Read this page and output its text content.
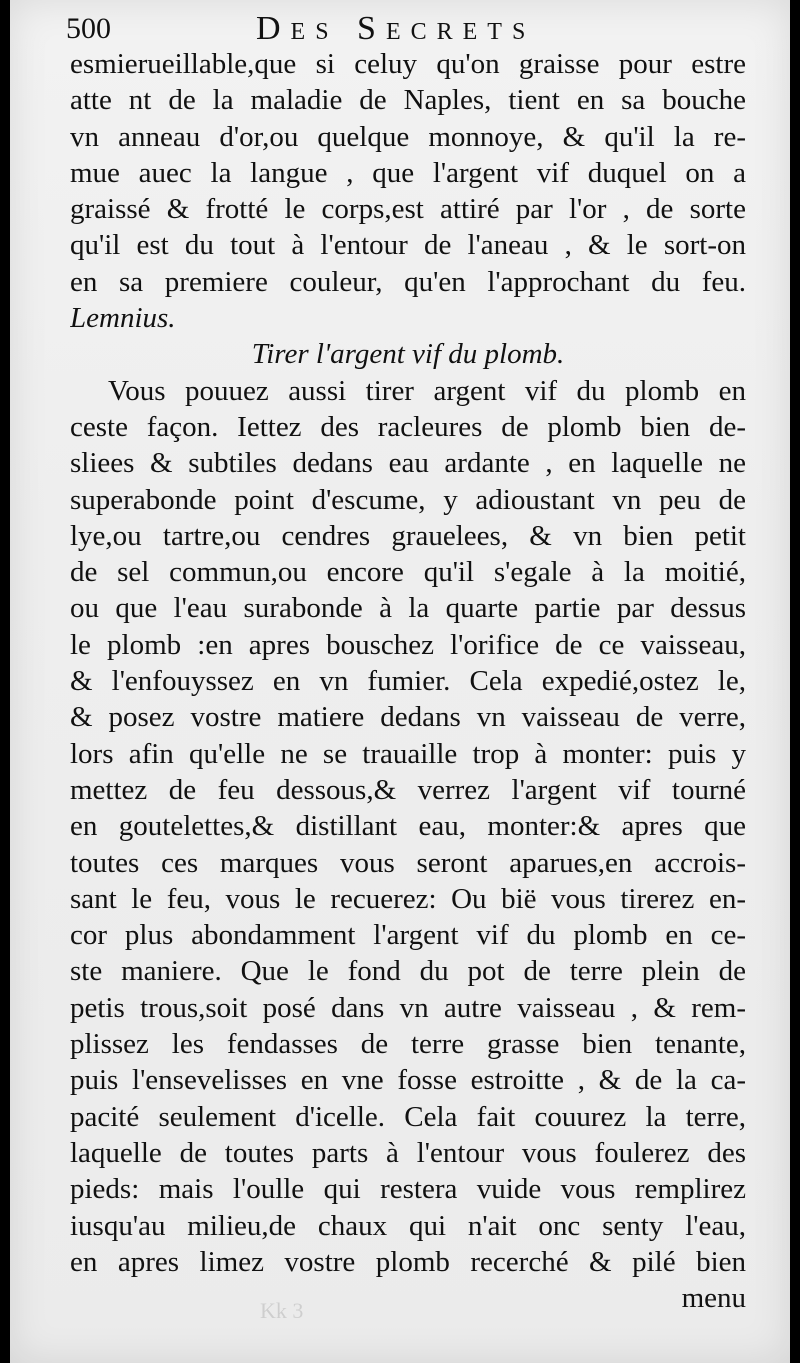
500	Des Secrets
esmierueillable,que si celuy qu'on graisse pour estre
atte nt de la maladie de Naples, tient en sa bouche
vn anneau d'or,ou quelque monnoye, & qu'il la re-
mue auec la langue , que l'argent vif duquel on a
graissé & frotté le corps,est attiré par l'or , de sorte
qu'il est du tout à l'entour de l'aneau , & le sort-on
en sa premiere couleur, qu'en l'approchant du feu.
Lemnius.
Tirer l'argent vif du plomb.
Vous pouuez aussi tirer argent vif du plomb en
ceste façon. Iettez des racleures de plomb bien de-
sliees & subtiles dedans eau ardante , en laquelle ne
superabonde point d'escume, y adioustant vn peu de
lye,ou tartre,ou cendres grauelees, & vn bien petit
de sel commun,ou encore qu'il s'egale à la moitié,
ou que l'eau surabonde à la quarte partie par dessus
le plomb :en apres bouschez l'orifice de ce vaisseau,
& l'enfouyssez en vn fumier. Cela expedié,ostez le,
& posez vostre matiere dedans vn vaisseau de verre,
lors afin qu'elle ne se trauaille trop à monter: puis y
mettez de feu dessous,& verrez l'argent vif tourné
en goutelettes,& distillant eau, monter:& apres que
toutes ces marques vous seront aparues,en accrois-
sant le feu, vous le recuerez: Ou bië vous tirerez en-
cor plus abondamment l'argent vif du plomb en ce-
ste maniere. Que le fond du pot de terre plein de
petis trous,soit posé dans vn autre vaisseau , & rem-
plissez les fendasses de terre grasse bien tenante,
puis l'ensevelisses en vne fosse estroitte , & de la ca-
pacité seulement d'icelle. Cela fait couurez la terre,
laquelle de toutes parts à l'entour vous foulerez des
pieds: mais l'oulle qui restera vuide vous remplirez
iusqu'au milieu,de chaux qui n'ait onc senty l'eau,
en apres limez vostre plomb recerché & pilé bien
menu
Kk 3
